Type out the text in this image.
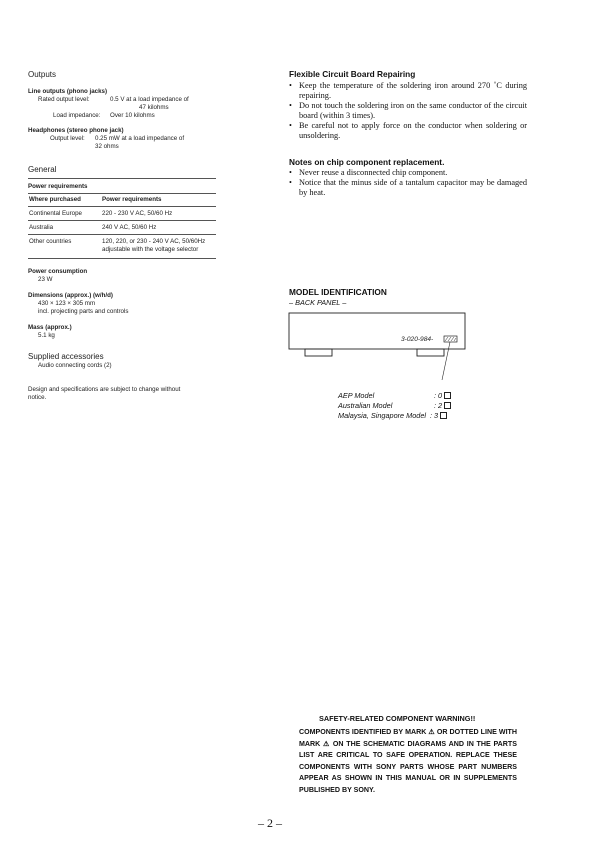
Outputs
Line outputs (phono jacks)
Rated output level:	0.5 V at a load impedance of
47 kilohms
Load impedance: Over 10 kilohms
Headphones (stereo phone jack)
Output level: 0.25 mW at a load impedance of
32 ohms
General
Power requirements
Where purchased	Power requirements
Continental Europe	220 - 230 V AC, 50/60 Hz
Australia	240 V AC, 50/60 Hz
Other countries	120, 220, or 230 - 240 V AC, 50/60Hz
adjustable with the voltage selector
Power consumption
23 W
Dimensions (approx.) (w/h/d)
430 × 123 × 305 mm
incl. projecting parts and controls
Mass (approx.)
5.1 kg
Supplied accessories
Audio connecting cords (2)
Design and specifications are subject to change without
notice.
Flexible Circuit Board Repairing
• Keep the temperature of the soldering iron around 270 ˚C during repairing.
• Do not touch the soldering iron on the same conductor of the circuit board (within 3 times).
• Be careful not to apply force on the conductor when soldering or unsoldering.
Notes on chip component replacement.
• Never reuse a disconnected chip component.
• Notice that the minus side of a tantalum capacitor may be damaged by heat.
MODEL IDENTIFICATION
– BACK PANEL –
3-020-984-
AEP Model	: 0
Australian Model	: 2
Malaysia, Singapore Model : 3
SAFETY-RELATED COMPONENT WARNING!!
COMPONENTS IDENTIFIED BY MARK ⚠ OR DOTTED LINE WITH MARK ⚠ ON THE SCHEMATIC DIAGRAMS AND IN THE PARTS LIST ARE CRITICAL TO SAFE OPERATION. REPLACE THESE COMPONENTS WITH SONY PARTS WHOSE PART NUMBERS APPEAR AS SHOWN IN THIS MANUAL OR IN SUPPLEMENTS PUBLISHED BY SONY.
– 2 –
